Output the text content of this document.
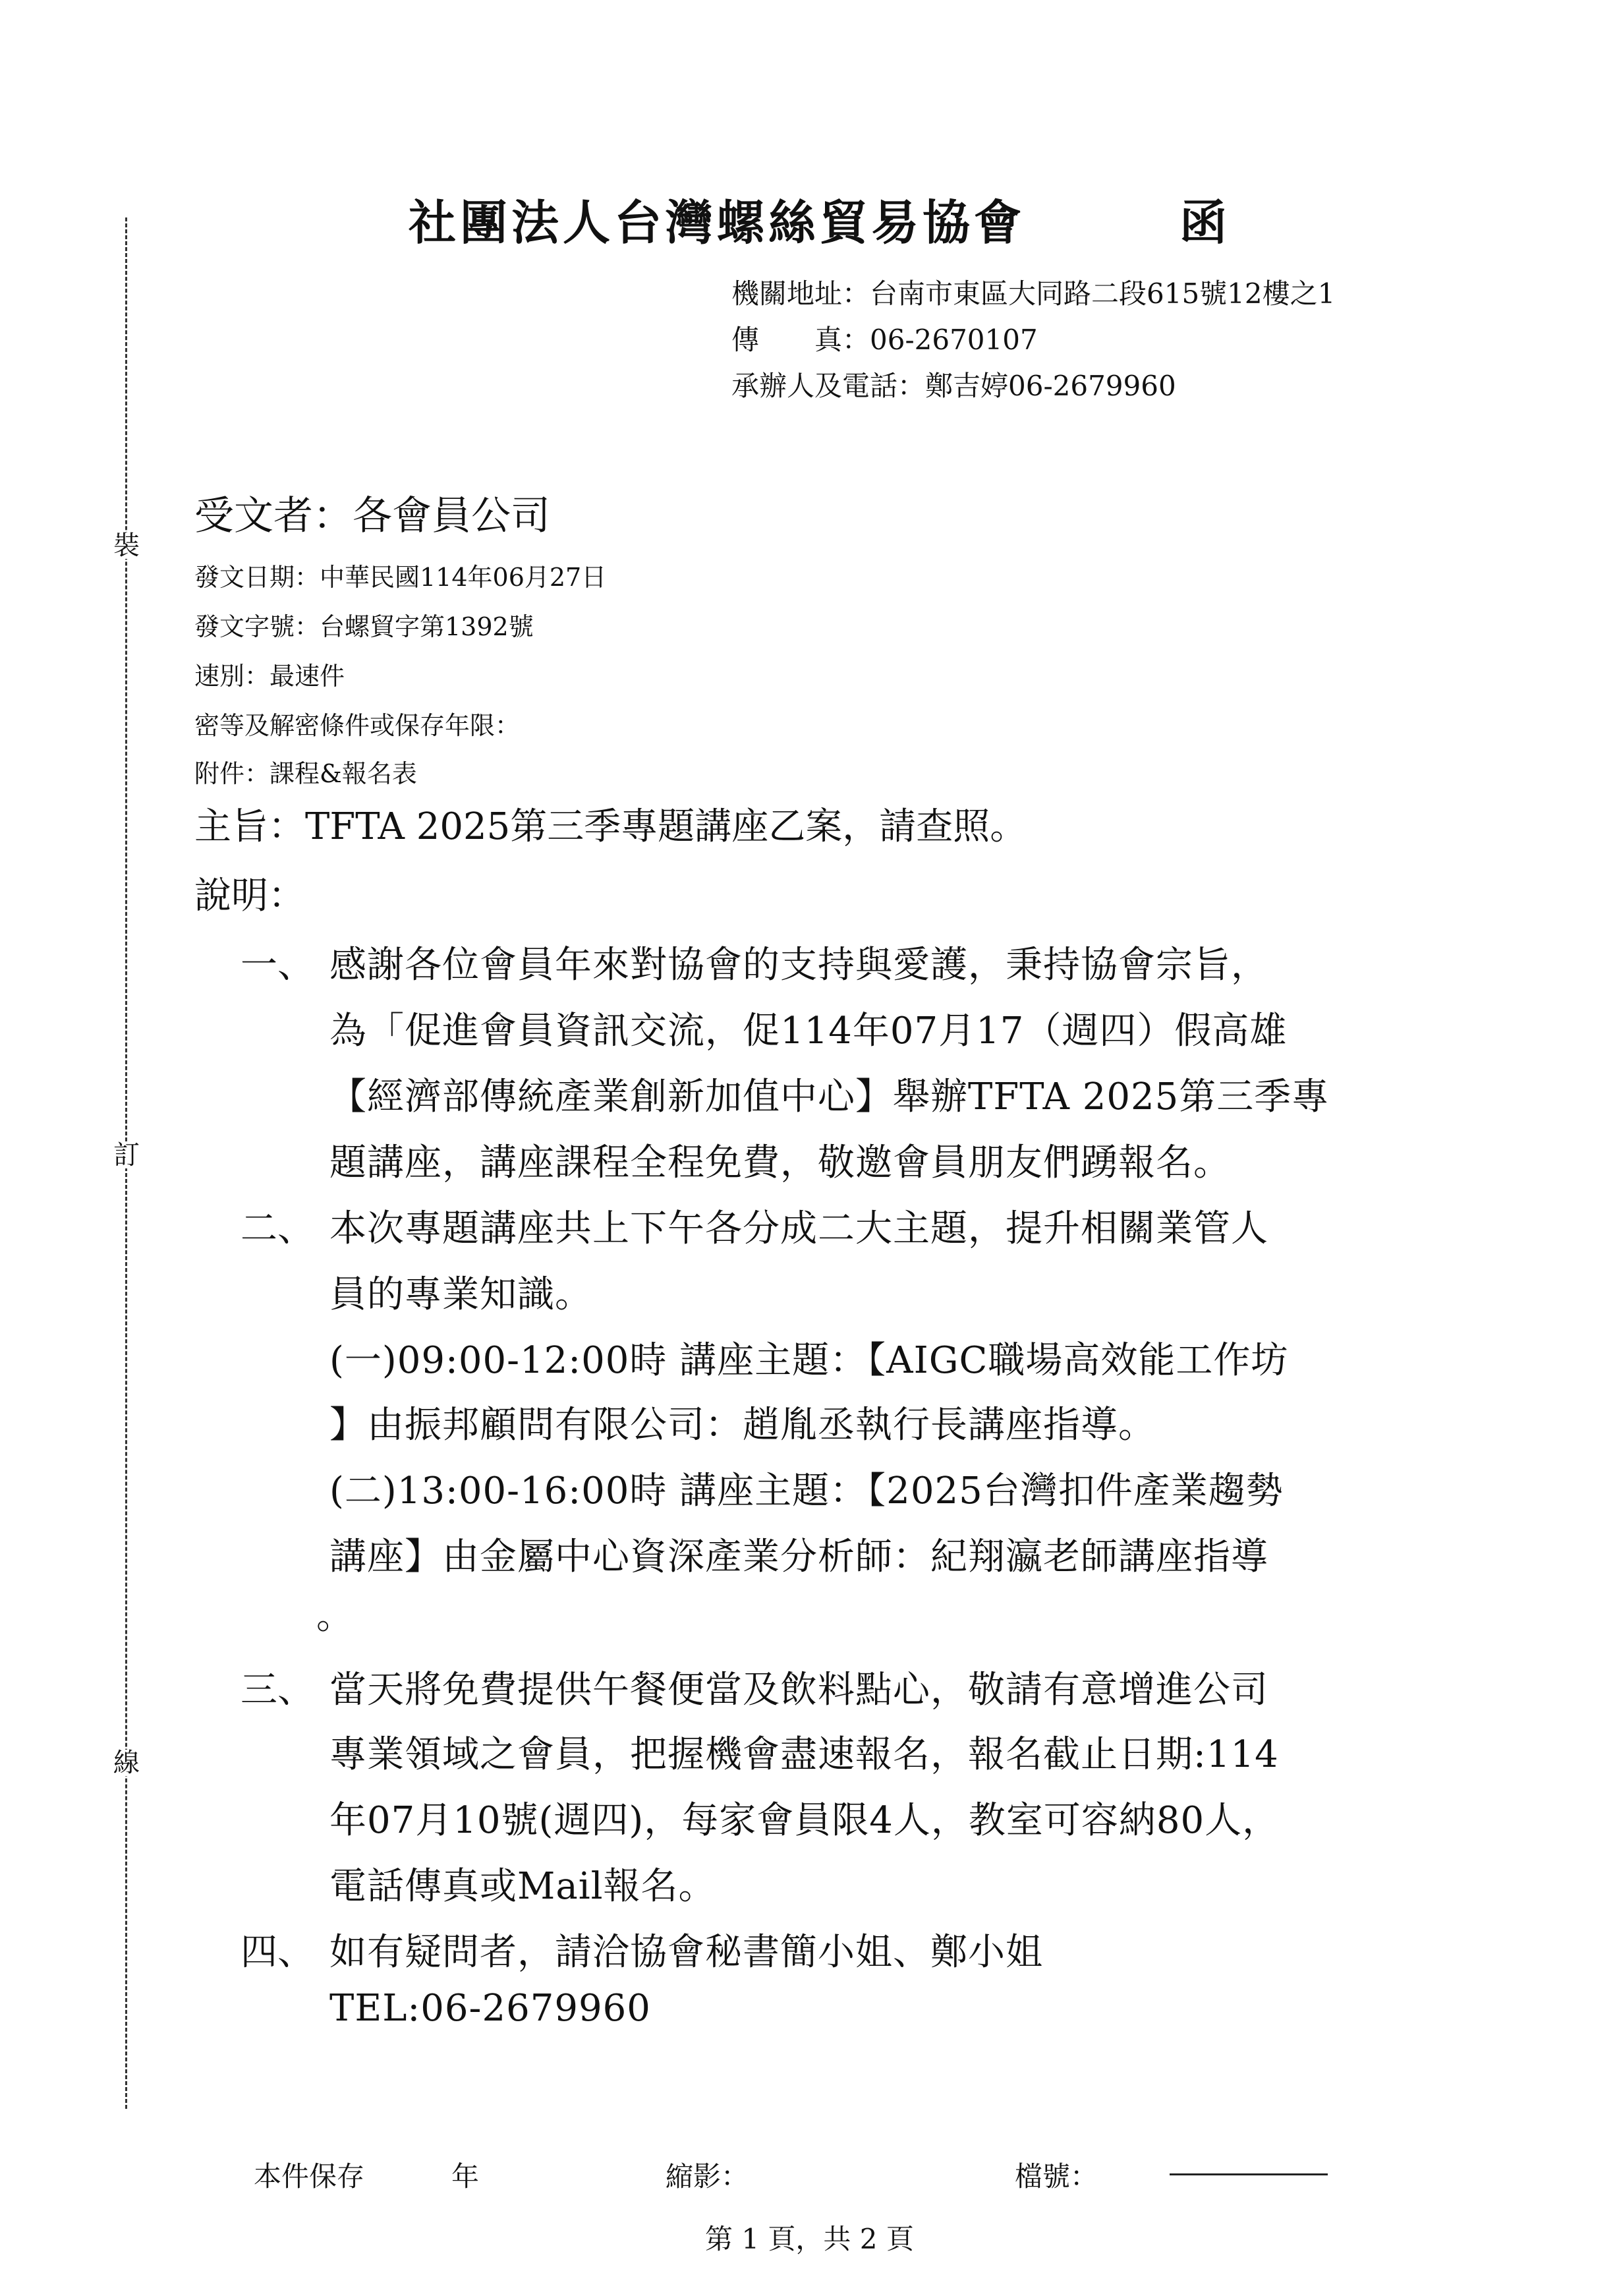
裝
訂
線
社團法人台灣螺絲貿易協會	函
機關地址：台南市東區大同路二段615號12樓之1
傳　　真：06-2670107
承辦人及電話：鄭吉婷06-2679960
受文者：各會員公司
發文日期：中華民國114年06月27日
發文字號：台螺貿字第1392號
速別：最速件
密等及解密條件或保存年限：
附件：課程&報名表
主旨：TFTA 2025第三季專題講座乙案，請查照。
說明：
一、 感謝各位會員年來對協會的支持與愛護，秉持協會宗旨，
為「促進會員資訊交流，促114年07月17（週四）假高雄
【經濟部傳統產業創新加值中心】舉辦TFTA 2025第三季專
題講座，講座課程全程免費，敬邀會員朋友們踴報名。
二、 本次專題講座共上下午各分成二大主題，提升相關業管人
員的專業知識。
(一)09:00-12:00時 講座主題：【AIGC職場高效能工作坊
】由振邦顧問有限公司：趙胤丞執行長講座指導。
(二)13:00-16:00時 講座主題：【2025台灣扣件產業趨勢
講座】由金屬中心資深產業分析師：紀翔瀛老師講座指導
。
三、 當天將免費提供午餐便當及飲料點心，敬請有意增進公司
專業領域之會員，把握機會盡速報名，報名截止日期:114
年07月10號(週四)，每家會員限4人，教室可容納80人，
電話傳真或Mail報名。
四、 如有疑問者，請洽協會秘書簡小姐、鄭小姐
TEL:06-2679960
本件保存	年	縮影：	檔號：
第 1 頁，共 2 頁
